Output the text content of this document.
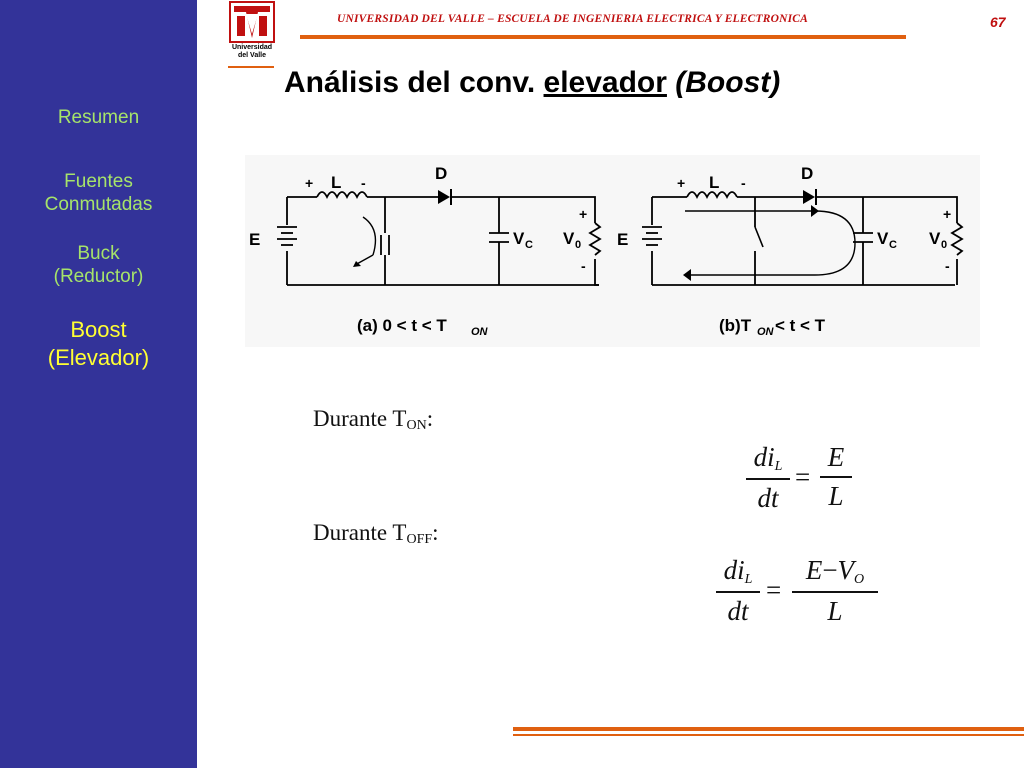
Resumen
Fuentes
Conmutadas
Buck
(Reductor)
Boost
(Elevador)
Universidad
del Valle
UNIVERSIDAD DEL VALLE – ESCUELA DE INGENIERIA ELECTRICA Y ELECTRONICA	67
Análisis del conv. elevador (Boost)
E
+ L -	D
V C V 0
+
-
(a) 0 < t < T ON
E
+ L -	D
V C V 0
+
-
(b)T ON < t < T
Durante $T_{ON}$:
$di_L$
dt
=
E
L
Durante $T_{OFF}$:
$di_L$
dt
=
$E-V_O$
L
